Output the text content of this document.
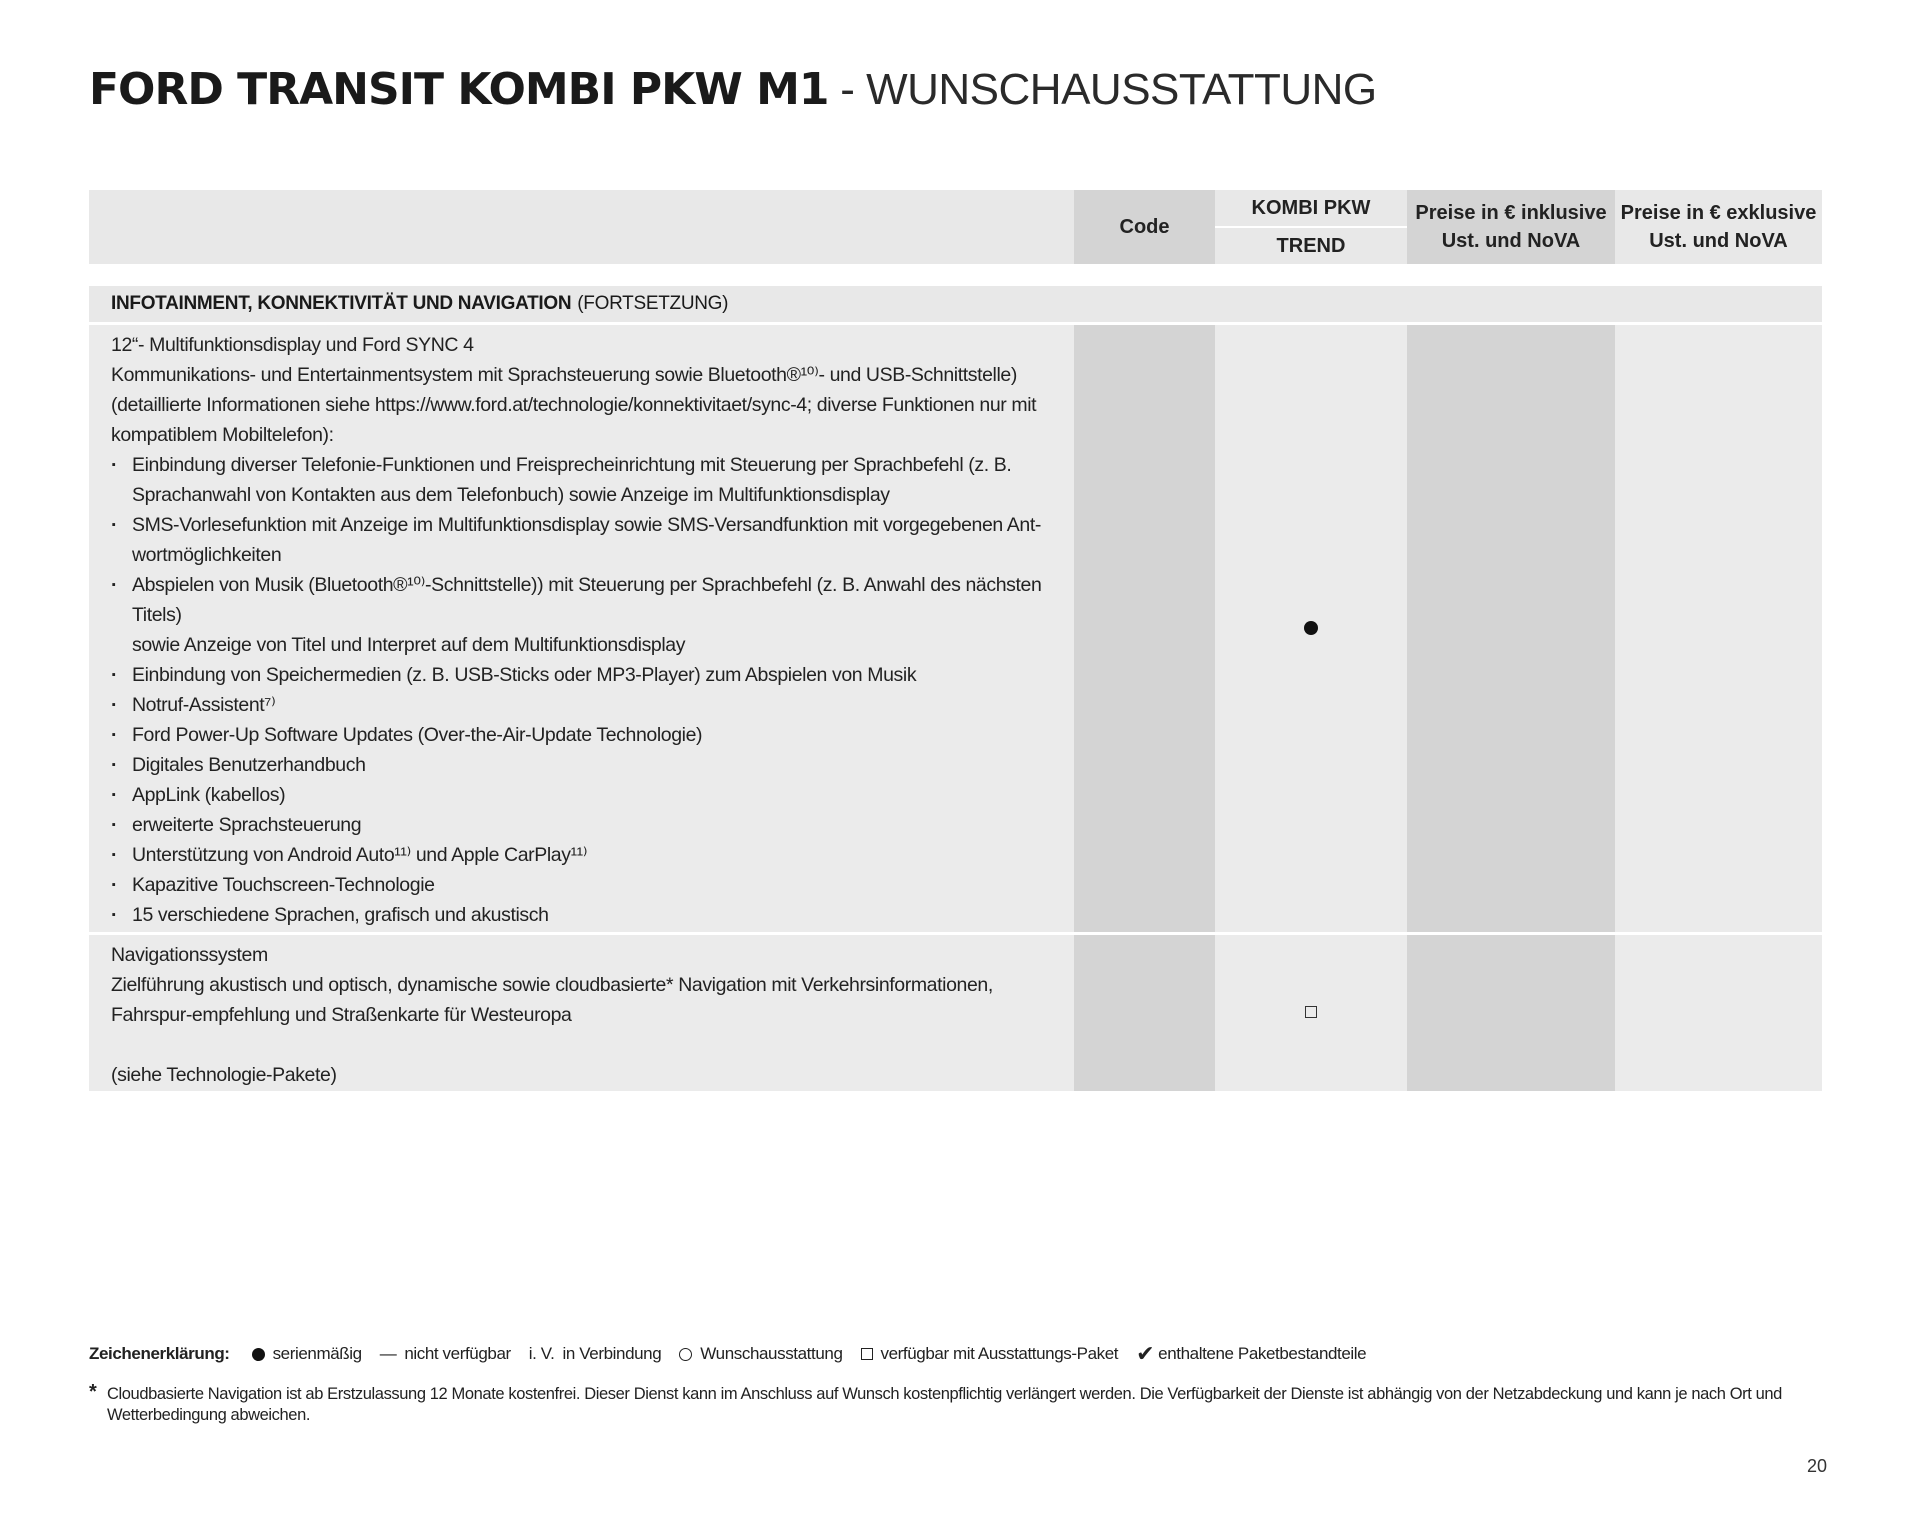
FORD TRANSIT KOMBI PKW M1 - WUNSCHAUSSTATTUNG
Code
KOMBI PKW
TREND
Preise in € inklusive Ust. und NoVA
Preise in € exklusive Ust. und NoVA
INFOTAINMENT, KONNEKTIVITÄT UND NAVIGATION (FORTSETZUNG)

12“- Multifunktionsdisplay und Ford SYNC 4

Kommunikations- und Entertainmentsystem mit Sprachsteuerung sowie Bluetooth®¹⁰⁾- und USB-Schnittstelle)

(detaillierte Informationen siehe https://www.ford.at/technologie/konnektivitaet/sync-4; diverse Funktionen nur mit kompatiblem Mobiltelefon):

· Einbindung diverser Telefonie-Funktionen und Freisprecheinrichtung mit Steuerung per Sprachbefehl (z. B. Sprachanwahl von Kontakten aus dem Telefonbuch) sowie Anzeige im Multifunktionsdisplay
· SMS-Vorlesefunktion mit Anzeige im Multifunktionsdisplay sowie SMS-Versandfunktion mit vorgegebenen Ant-wortmöglichkeiten
· Abspielen von Musik (Bluetooth®¹⁰⁾-Schnittstelle)) mit Steuerung per Sprachbefehl (z. B. Anwahl des nächsten Titels)

sowie Anzeige von Titel und Interpret auf dem Multifunktionsdisplay

· Einbindung von Speichermedien (z. B. USB-Sticks oder MP3-Player) zum Abspielen von Musik
· Notruf-Assistent⁷⁾
· Ford Power-Up Software Updates (Over-the-Air-Update Technologie)
· Digitales Benutzerhandbuch
· AppLink (kabellos)
· erweiterte Sprachsteuerung
· Unterstützung von Android Auto¹¹⁾ und Apple CarPlay¹¹⁾
· Kapazitive Touchscreen-Technologie
· 15 verschiedene Sprachen, grafisch und akustisch

Navigationssystem

Zielführung akustisch und optisch, dynamische sowie cloudbasierte* Navigation mit Verkehrsinformationen, Fahrspur-empfehlung und Straßenkarte für Westeuropa

(siehe Technologie-Pakete)

Zeichenerklärung:	serienmäßig — nicht verfügbar i. V. in Verbindung Wunschausstattung verfügbar mit Ausstattungs-Paket ✔ enthaltene Paketbestandteile
* Cloudbasierte Navigation ist ab Erstzulassung 12 Monate kostenfrei. Dieser Dienst kann im Anschluss auf Wunsch kostenpflichtig verlängert werden. Die Verfügbarkeit der Dienste ist abhängig von der Netzabdeckung und kann je nach Ort und Wetterbedingung abweichen.
20
